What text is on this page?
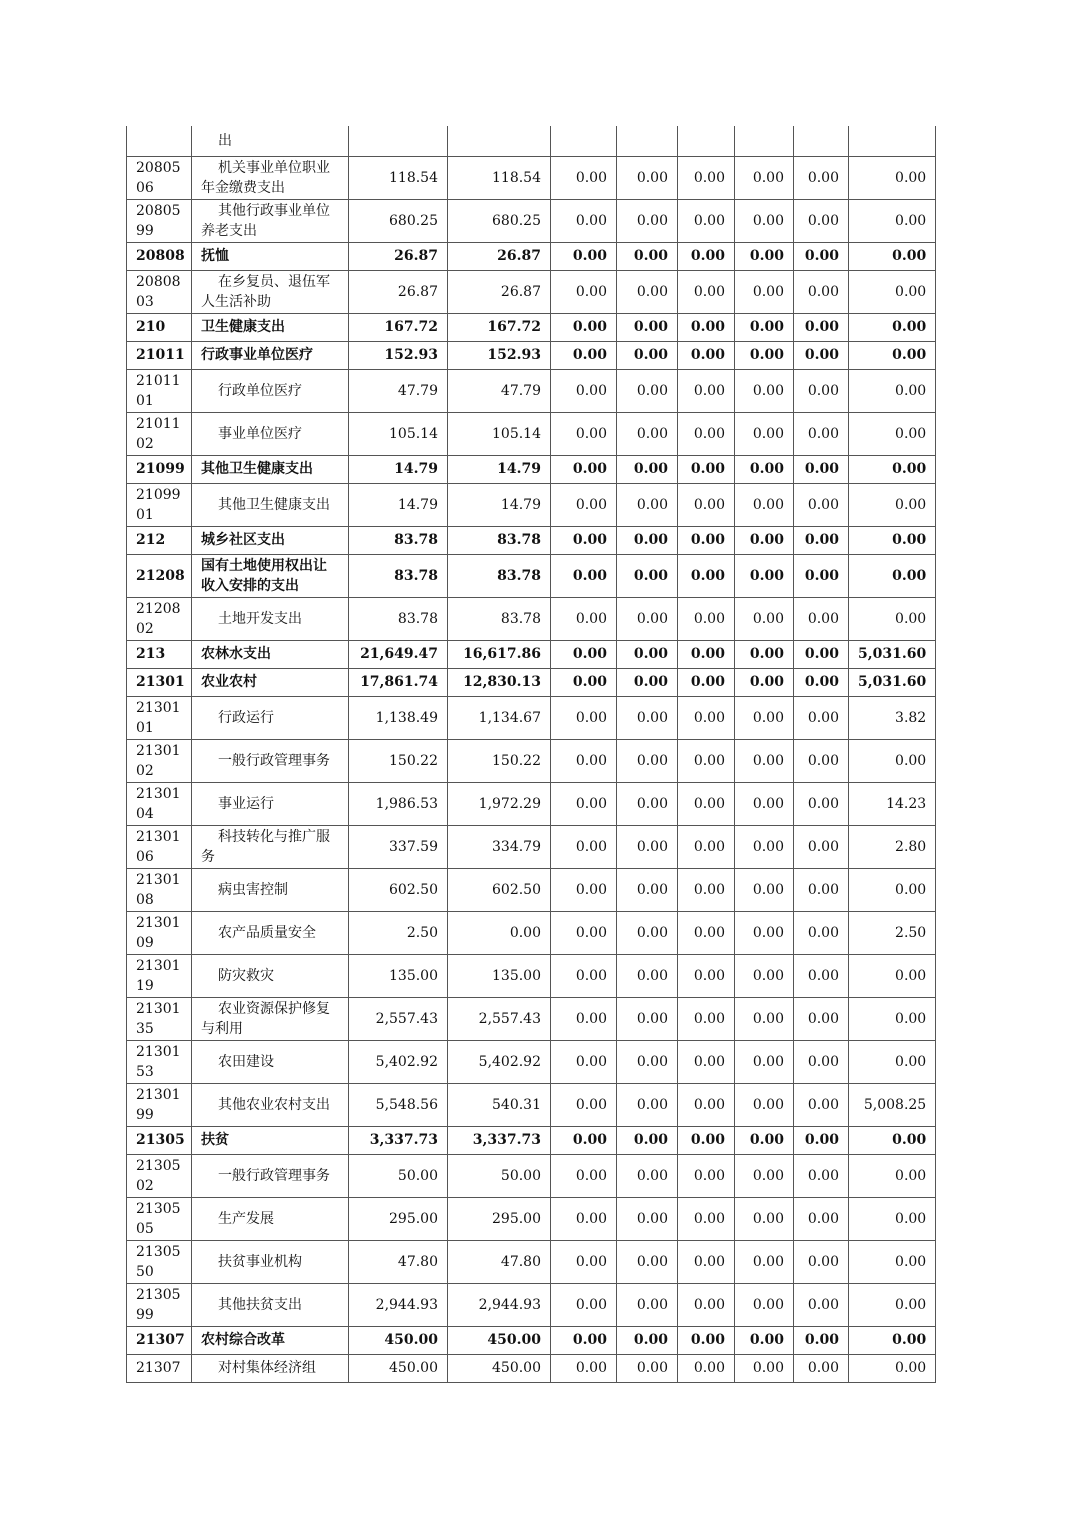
	出								
2080506	机关事业单位职业年金缴费支出	118.54	118.54	0.00	0.00	0.00	0.00	0.00	0.00
2080599	其他行政事业单位养老支出	680.25	680.25	0.00	0.00	0.00	0.00	0.00	0.00
20808	抚恤	26.87	26.87	0.00	0.00	0.00	0.00	0.00	0.00
2080803	在乡复员、退伍军人生活补助	26.87	26.87	0.00	0.00	0.00	0.00	0.00	0.00
210	卫生健康支出	167.72	167.72	0.00	0.00	0.00	0.00	0.00	0.00
21011	行政事业单位医疗	152.93	152.93	0.00	0.00	0.00	0.00	0.00	0.00
2101101	行政单位医疗	47.79	47.79	0.00	0.00	0.00	0.00	0.00	0.00
2101102	事业单位医疗	105.14	105.14	0.00	0.00	0.00	0.00	0.00	0.00
21099	其他卫生健康支出	14.79	14.79	0.00	0.00	0.00	0.00	0.00	0.00
2109901	其他卫生健康支出	14.79	14.79	0.00	0.00	0.00	0.00	0.00	0.00
212	城乡社区支出	83.78	83.78	0.00	0.00	0.00	0.00	0.00	0.00
21208	国有土地使用权出让收入安排的支出	83.78	83.78	0.00	0.00	0.00	0.00	0.00	0.00
2120802	土地开发支出	83.78	83.78	0.00	0.00	0.00	0.00	0.00	0.00
213	农林水支出	21,649.47	16,617.86	0.00	0.00	0.00	0.00	0.00	5,031.60
21301	农业农村	17,861.74	12,830.13	0.00	0.00	0.00	0.00	0.00	5,031.60
2130101	行政运行	1,138.49	1,134.67	0.00	0.00	0.00	0.00	0.00	3.82
2130102	一般行政管理事务	150.22	150.22	0.00	0.00	0.00	0.00	0.00	0.00
2130104	事业运行	1,986.53	1,972.29	0.00	0.00	0.00	0.00	0.00	14.23
2130106	科技转化与推广服务	337.59	334.79	0.00	0.00	0.00	0.00	0.00	2.80
2130108	病虫害控制	602.50	602.50	0.00	0.00	0.00	0.00	0.00	0.00
2130109	农产品质量安全	2.50	0.00	0.00	0.00	0.00	0.00	0.00	2.50
2130119	防灾救灾	135.00	135.00	0.00	0.00	0.00	0.00	0.00	0.00
2130135	农业资源保护修复与利用	2,557.43	2,557.43	0.00	0.00	0.00	0.00	0.00	0.00
2130153	农田建设	5,402.92	5,402.92	0.00	0.00	0.00	0.00	0.00	0.00
2130199	其他农业农村支出	5,548.56	540.31	0.00	0.00	0.00	0.00	0.00	5,008.25
21305	扶贫	3,337.73	3,337.73	0.00	0.00	0.00	0.00	0.00	0.00
2130502	一般行政管理事务	50.00	50.00	0.00	0.00	0.00	0.00	0.00	0.00
2130505	生产发展	295.00	295.00	0.00	0.00	0.00	0.00	0.00	0.00
2130550	扶贫事业机构	47.80	47.80	0.00	0.00	0.00	0.00	0.00	0.00
2130599	其他扶贫支出	2,944.93	2,944.93	0.00	0.00	0.00	0.00	0.00	0.00
21307	农村综合改革	450.00	450.00	0.00	0.00	0.00	0.00	0.00	0.00
21307	对村集体经济组	450.00	450.00	0.00	0.00	0.00	0.00	0.00	0.00
